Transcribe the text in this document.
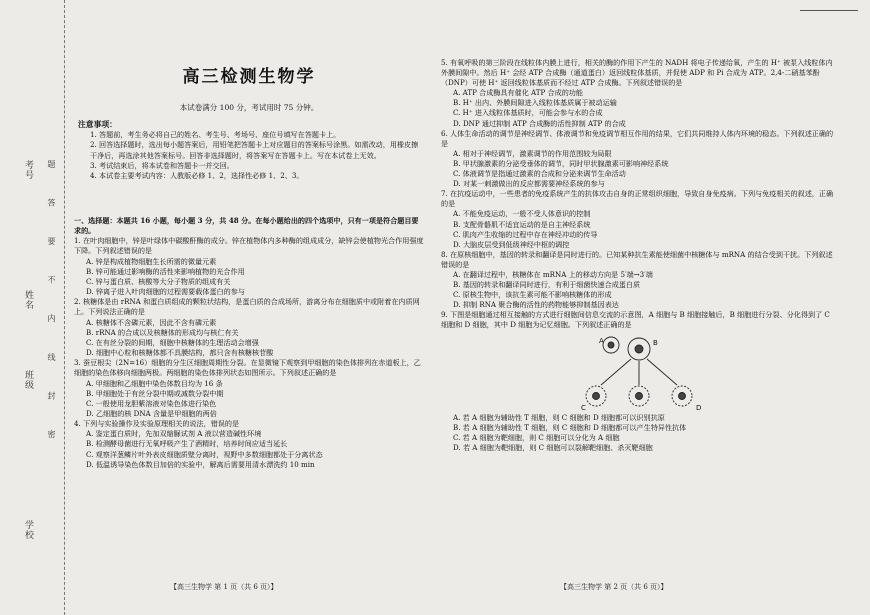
学校
班级
姓名
考号 题 答 要 不 内 线 封 密
高三检测生物学
本试卷满分 100 分，考试用时 75 分钟。
注意事项：
1. 答题前，考生务必将自己的姓名、考生号、考场号、座位号填写在答题卡上。
2. 回答选择题时，选出每小题答案后，用铅笔把答题卡上对应题目的答案标号涂黑。如需改动，用橡皮擦干净后，再选涂其他答案标号。回答非选择题时，将答案写在答题卡上。写在本试卷上无效。
3. 考试结束后，将本试卷和答题卡一并交回。
4. 本试卷主要考试内容：人教版必修 1、2，选择性必修 1、2、3。
一、选择题：本题共 16 小题，每小题 3 分，共 48 分。在每小题给出的四个选项中，只有一项是符合题目要求的。
1. 在叶肉细胞中，锌是叶绿体中碳酸酐酶的成分。锌在植物体内多种酶的组成成分，缺锌会使植物光合作用强度下降。下列叙述错误的是
A. 锌是构成植物细胞生长所需的微量元素
B. 锌可能通过影响酶的活性来影响植物的光合作用
C. 锌与蛋白质、核酸等大分子物质的组成有关
D. 锌离子进入叶肉细胞的过程需要载体蛋白的参与
2. 核糖体是由 rRNA 和蛋白质组成的颗粒状结构，是蛋白质的合成场所，游离分布在细胞质中或附着在内质网上。下列说法正确的是
A. 核糖体不含磷元素，因此不含有磷元素
B. rRNA 的合成以及核糖体的形成均与核仁有关
C. 在有丝分裂的间期，细胞中核糖体的生理活动会增强
D. 细胞中心粒和核糖体都不具膜结构，都只含有核糖核苷酸
3. 蚕豆根尖（2N=16）细胞的分生区细胞周期性分裂。在显微镜下观察到甲细胞的染色体排列在赤道板上，乙细胞的染色体移向细胞两极。两细胞的染色体排列状态如图所示。下列叙述正确的是
A. 甲细胞和乙细胞中染色体数目均为 16 条
B. 甲细胞处于有丝分裂中期或减数分裂中期
C. 一般使用龙胆紫溶液对染色体进行染色
D. 乙细胞的核 DNA 含量是甲细胞的两倍
4. 下列与实验操作及实验原理相关的说法，错误的是
A. 鉴定蛋白质时，先加双缩脲试剂 A 液以营造碱性环境
B. 检测酵母菌进行无氧呼吸产生了酒精时，培养时间应适当延长
C. 观察洋葱鳞片叶外表皮细胞质壁分离时，视野中多数细胞都处于分离状态
D. 低温诱导染色体数目加倍的实验中，解离后需要用清水漂洗约 10 min
【高三生物学 第 1 页（共 6 页）】
5. 有氧呼吸的第三阶段在线粒体内膜上进行，相关的酶的作用下产生的 NADH 将电子传递给氧，产生的 H⁺ 被泵入线粒体内外膜间隙中。然后 H⁺ 会经 ATP 合成酶（通道蛋白）返回线粒体基质，并促使 ADP 和 Pi 合成为 ATP。2,4-二硝基苯酚（DNP）可使 H⁺ 返回线粒体基质而不经过 ATP 合成酶。下列叙述错误的是
A. ATP 合成酶具有催化 ATP 合成的功能
B. H⁺ 出内、外膜间隙进入线粒体基质属于被动运输
C. H⁺ 进入线粒体基质时，可能会参与水的合成
D. DNP 通过抑制 ATP 合成酶的活性抑制 ATP 的合成
6. 人体生命活动的调节是神经调节、体液调节和免疫调节相互作用的结果，它们共同维持人体内环境的稳态。下列叙述正确的是
A. 相对于神经调节，激素调节的作用范围较为局限
B. 甲状腺激素的分泌受垂体的调节，同时甲状腺激素可影响神经系统
C. 体液调节是指通过激素的合成和分泌来调节生命活动
D. 对某一刺激做出的反应都需要神经系统的参与
7. 在抗疫运动中，一些患者的免疫系统产生的抗体攻击自身的正常组织细胞，导致自身免疫病。下列与免疫相关的叙述，正确的是
A. 不能免疫运动，一般不受人体意识的控制
B. 支配骨骼肌不适宜运动的是自主神经系统
C. 肌肉产生收缩的过程中存在神经冲动的传导
D. 大脑皮层受到低级神经中枢的调控
8. 在原核细胞中，基因的转录和翻译是同时进行的。已知某种抗生素能使细菌中核糖体与 mRNA 的结合受到干扰。下列叙述错误的是
A. 在翻译过程中，核糖体在 mRNA 上的移动方向是 5′端→3′端
B. 基因的转录和翻译同时进行，有利于细菌快速合成蛋白质
C. 原核生物中，该抗生素可能不影响核糖体的形成
D. 抑制 RNA 聚合酶的活性的药物能够抑制基因表达
9. 下图是细胞通过相互接触的方式进行细胞间信息交流的示意图，A 细胞与 B 细胞接触后，B 细胞进行分裂、分化得到了 C 细胞和 D 细胞，其中 D 细胞为记忆细胞。下列叙述正确的是
A	B
C	D
A. 若 A 细胞为辅助性 T 细胞，则 C 细胞和 D 细胞都可以识别抗原
B. 若 A 细胞为辅助性 T 细胞，则 C 细胞和 D 细胞都可以产生特异性抗体
C. 若 A 细胞为靶细胞，则 C 细胞可以分化为 A 细胞
D. 若 A 细胞为靶细胞，则 C 细胞可以裂解靶细胞、杀灭靶细胞
【高三生物学 第 2 页（共 6 页）】
